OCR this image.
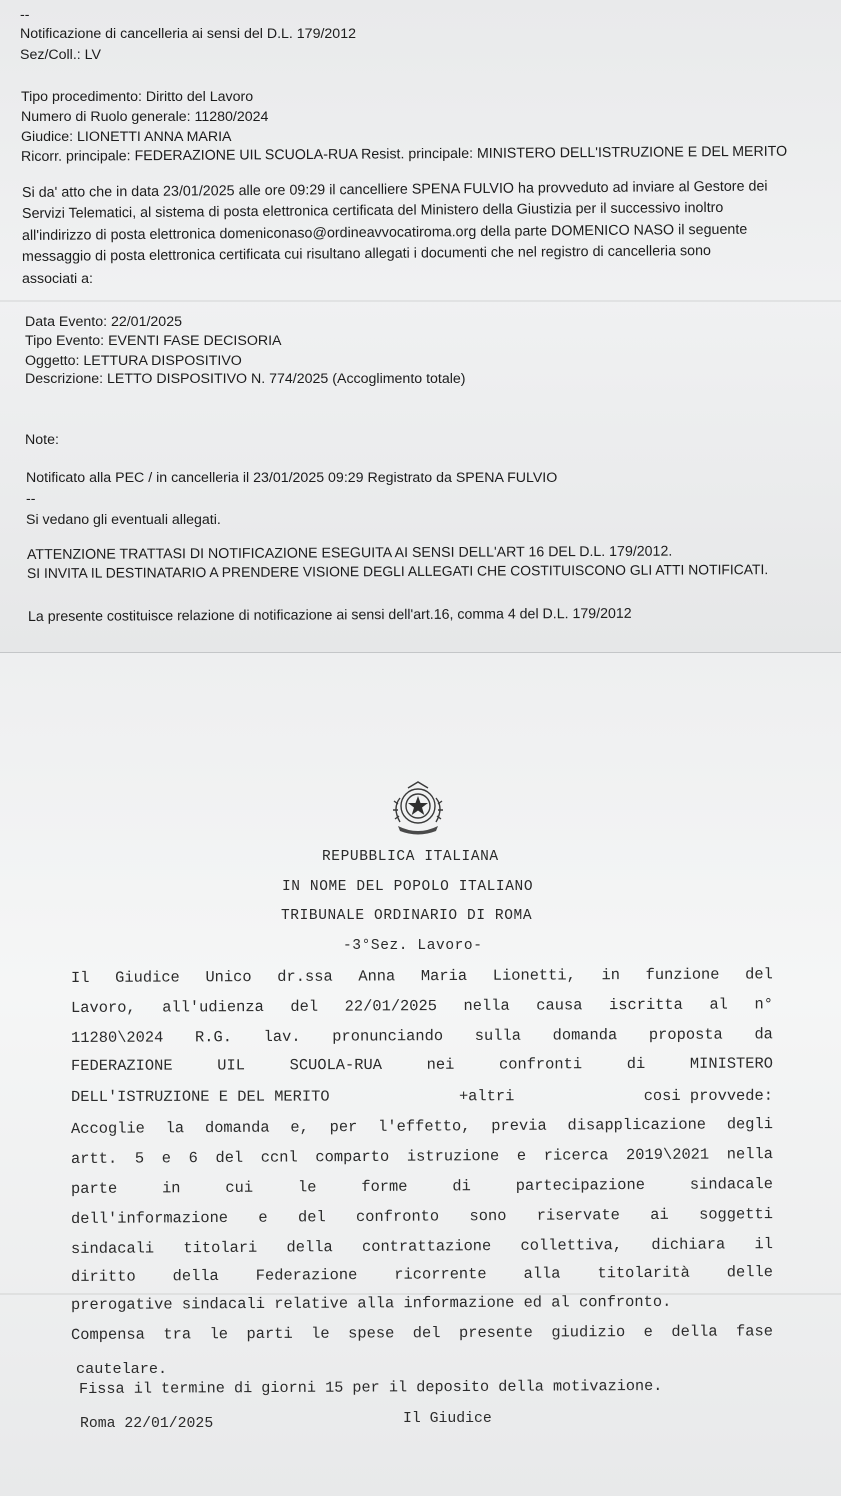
--
Notificazione di cancelleria ai sensi del D.L. 179/2012
Sez/Coll.: LV
Tipo procedimento: Diritto del Lavoro
Numero di Ruolo generale: 11280/2024
Giudice: LIONETTI ANNA MARIA
Ricorr. principale: FEDERAZIONE UIL SCUOLA-RUA Resist. principale: MINISTERO DELL'ISTRUZIONE E DEL MERITO
Si da' atto che in data 23/01/2025 alle ore 09:29 il cancelliere SPENA FULVIO ha provveduto ad inviare al Gestore dei
Servizi Telematici, al sistema di posta elettronica certificata del Ministero della Giustizia per il successivo inoltro
all'indirizzo di posta elettronica domeniconaso@ordineavvocatiroma.org della parte DOMENICO NASO il seguente
messaggio di posta elettronica certificata cui risultano allegati i documenti che nel registro di cancelleria sono
associati a:
Data Evento: 22/01/2025
Tipo Evento: EVENTI FASE DECISORIA
Oggetto: LETTURA DISPOSITIVO
Descrizione: LETTO DISPOSITIVO N. 774/2025 (Accoglimento totale)
Note:
Notificato alla PEC / in cancelleria il 23/01/2025 09:29 Registrato da SPENA FULVIO
--
Si vedano gli eventuali allegati.
ATTENZIONE TRATTASI DI NOTIFICAZIONE ESEGUITA AI SENSI DELL'ART 16 DEL D.L. 179/2012.
SI INVITA IL DESTINATARIO A PRENDERE VISIONE DEGLI ALLEGATI CHE COSTITUISCONO GLI ATTI NOTIFICATI.
La presente costituisce relazione di notificazione ai sensi dell'art.16, comma 4 del D.L. 179/2012
REPUBBLICA ITALIANA
IN NOME DEL POPOLO ITALIANO
TRIBUNALE ORDINARIO DI ROMA
-3°Sez. Lavoro-
Il Giudice Unico dr.ssa Anna Maria Lionetti, in funzione del
Lavoro, all'udienza del 22/01/2025 nella causa iscritta al n°
11280\2024 R.G. lav. pronunciando sulla domanda proposta da
FEDERAZIONE	UIL	SCUOLA-RUA	nei	confronti	di	MINISTERO
DELL'ISTRUZIONE E DEL MERITO	+altri	cosi provvede:
Accoglie la domanda e, per l'effetto, previa disapplicazione degli
artt. 5 e 6 del ccnl comparto istruzione e ricerca 2019\2021 nella
parte	in	cui	le	forme	di	partecipazione	sindacale
dell'informazione e del confronto sono riservate ai soggetti
sindacali titolari della contrattazione collettiva, dichiara il
diritto della Federazione ricorrente alla titolarità delle
prerogative sindacali relative alla informazione ed al confronto.
Compensa tra le parti le spese del presente giudizio e della fase
cautelare.
Fissa il termine di giorni 15 per il deposito della motivazione.
Roma 22/01/2025	Il Giudice
